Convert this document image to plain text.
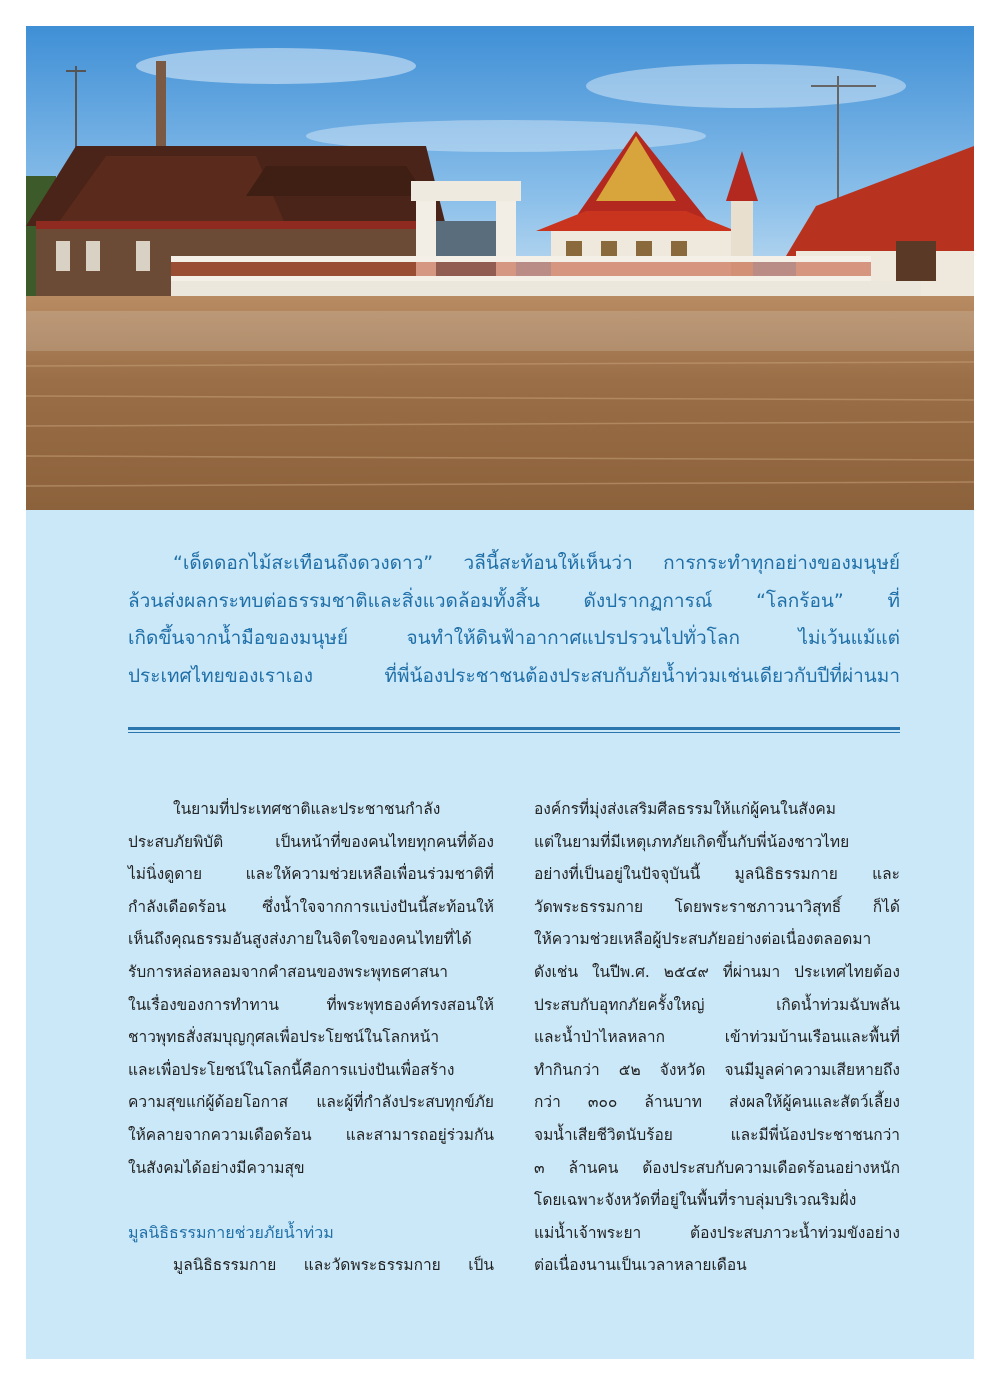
“เด็ดดอกไม้สะเทือนถึงดวงดาว” วลีนี้สะท้อนให้เห็นว่า การกระทำทุกอย่างของมนุษย์
ล้วนส่งผลกระทบต่อธรรมชาติและสิ่งแวดล้อมทั้งสิ้น ดังปรากฏการณ์ “โลกร้อน” ที่
เกิดขึ้นจากน้ำมือของมนุษย์ จนทำให้ดินฟ้าอากาศแปรปรวนไปทั่วโลก ไม่เว้นแม้แต่
ประเทศไทยของเราเอง ที่พี่น้องประชาชนต้องประสบกับภัยน้ำท่วมเช่นเดียวกับปีที่ผ่านมา
ในยามที่ประเทศชาติและประชาชนกำลัง
ประสบภัยพิบัติ เป็นหน้าที่ของคนไทยทุกคนที่ต้อง
ไม่นิ่งดูดาย และให้ความช่วยเหลือเพื่อนร่วมชาติที่
กำลังเดือดร้อน ซึ่งน้ำใจจากการแบ่งปันนี้สะท้อนให้
เห็นถึงคุณธรรมอันสูงส่งภายในจิตใจของคนไทยที่ได้
รับการหล่อหลอมจากคำสอนของพระพุทธศาสนา
ในเรื่องของการทำทาน ที่พระพุทธองค์ทรงสอนให้
ชาวพุทธสั่งสมบุญกุศลเพื่อประโยชน์ในโลกหน้า
และเพื่อประโยชน์ในโลกนี้คือการแบ่งปันเพื่อสร้าง
ความสุขแก่ผู้ด้อยโอกาส และผู้ที่กำลังประสบทุกข์ภัย
ให้คลายจากความเดือดร้อน และสามารถอยู่ร่วมกัน
ในสังคมได้อย่างมีความสุข
มูลนิธิธรรมกายช่วยภัยน้ำท่วม
มูลนิธิธรรมกาย และวัดพระธรรมกาย เป็น
องค์กรที่มุ่งส่งเสริมศีลธรรมให้แก่ผู้คนในสังคม
แต่ในยามที่มีเหตุเภทภัยเกิดขึ้นกับพี่น้องชาวไทย
อย่างที่เป็นอยู่ในปัจจุบันนี้ มูลนิธิธรรมกาย และ
วัดพระธรรมกาย โดยพระราชภาวนาวิสุทธิ์ ก็ได้
ให้ความช่วยเหลือผู้ประสบภัยอย่างต่อเนื่องตลอดมา
ดังเช่น ในปีพ.ศ. ๒๕๔๙ ที่ผ่านมา ประเทศไทยต้อง
ประสบกับอุทกภัยครั้งใหญ่ เกิดน้ำท่วมฉับพลัน
และน้ำป่าไหลหลาก เข้าท่วมบ้านเรือนและพื้นที่
ทำกินกว่า ๕๒ จังหวัด จนมีมูลค่าความเสียหายถึง
กว่า ๓๐๐ ล้านบาท ส่งผลให้ผู้คนและสัตว์เลี้ยง
จมน้ำเสียชีวิตนับร้อย และมีพี่น้องประชาชนกว่า
๓ ล้านคน ต้องประสบกับความเดือดร้อนอย่างหนัก
โดยเฉพาะจังหวัดที่อยู่ในพื้นที่ราบลุ่มบริเวณริมฝั่ง
แม่น้ำเจ้าพระยา ต้องประสบภาวะน้ำท่วมขังอย่าง
ต่อเนื่องนานเป็นเวลาหลายเดือน
